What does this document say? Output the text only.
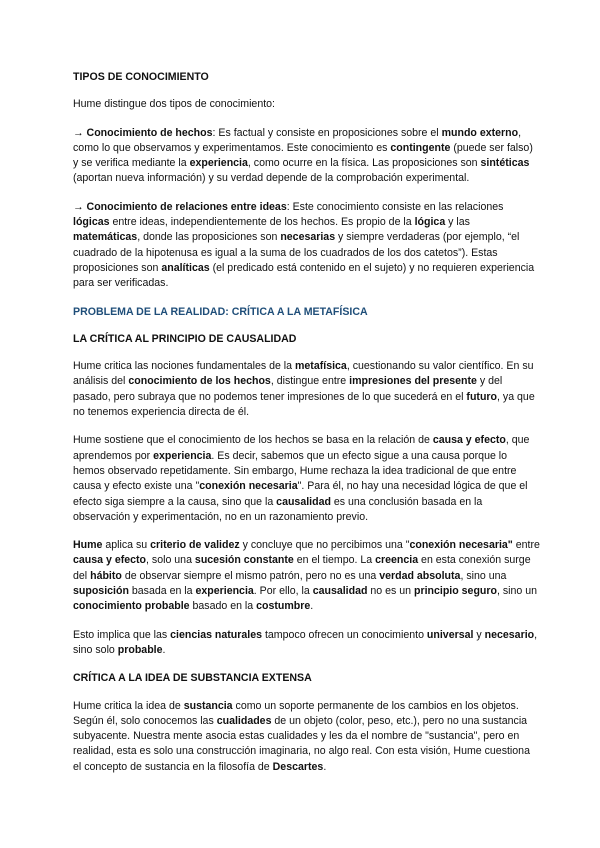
TIPOS DE CONOCIMIENTO

Hume distingue dos tipos de conocimiento:

→ Conocimiento de hechos: Es factual y consiste en proposiciones sobre el mundo externo, como lo que observamos y experimentamos. Este conocimiento es contingente (puede ser falso) y se verifica mediante la experiencia, como ocurre en la física. Las proposiciones son sintéticas (aportan nueva información) y su verdad depende de la comprobación experimental.

→ Conocimiento de relaciones entre ideas: Este conocimiento consiste en las relaciones lógicas entre ideas, independientemente de los hechos. Es propio de la lógica y las matemáticas, donde las proposiciones son necesarias y siempre verdaderas (por ejemplo, “el cuadrado de la hipotenusa es igual a la suma de los cuadrados de los dos catetos”). Estas proposiciones son analíticas (el predicado está contenido en el sujeto) y no requieren experiencia para ser verificadas.

PROBLEMA DE LA REALIDAD: CRÍTICA A LA METAFÍSICA

LA CRÍTICA AL PRINCIPIO DE CAUSALIDAD

Hume critica las nociones fundamentales de la metafísica, cuestionando su valor científico. En su análisis del conocimiento de los hechos, distingue entre impresiones del presente y del pasado, pero subraya que no podemos tener impresiones de lo que sucederá en el futuro, ya que no tenemos experiencia directa de él.

Hume sostiene que el conocimiento de los hechos se basa en la relación de causa y efecto, que aprendemos por experiencia. Es decir, sabemos que un efecto sigue a una causa porque lo hemos observado repetidamente. Sin embargo, Hume rechaza la idea tradicional de que entre causa y efecto existe una "conexión necesaria". Para él, no hay una necesidad lógica de que el efecto siga siempre a la causa, sino que la causalidad es una conclusión basada en la observación y experimentación, no en un razonamiento previo.

Hume aplica su criterio de validez y concluye que no percibimos una "conexión necesaria" entre causa y efecto, solo una sucesión constante en el tiempo. La creencia en esta conexión surge del hábito de observar siempre el mismo patrón, pero no es una verdad absoluta, sino una suposición basada en la experiencia. Por ello, la causalidad no es un principio seguro, sino un conocimiento probable basado en la costumbre.

Esto implica que las ciencias naturales tampoco ofrecen un conocimiento universal y necesario, sino solo probable.

CRÍTICA A LA IDEA DE SUBSTANCIA EXTENSA

Hume critica la idea de sustancia como un soporte permanente de los cambios en los objetos. Según él, solo conocemos las cualidades de un objeto (color, peso, etc.), pero no una sustancia subyacente. Nuestra mente asocia estas cualidades y les da el nombre de "sustancia", pero en realidad, esta es solo una construcción imaginaria, no algo real. Con esta visión, Hume cuestiona el concepto de sustancia en la filosofía de Descartes.
